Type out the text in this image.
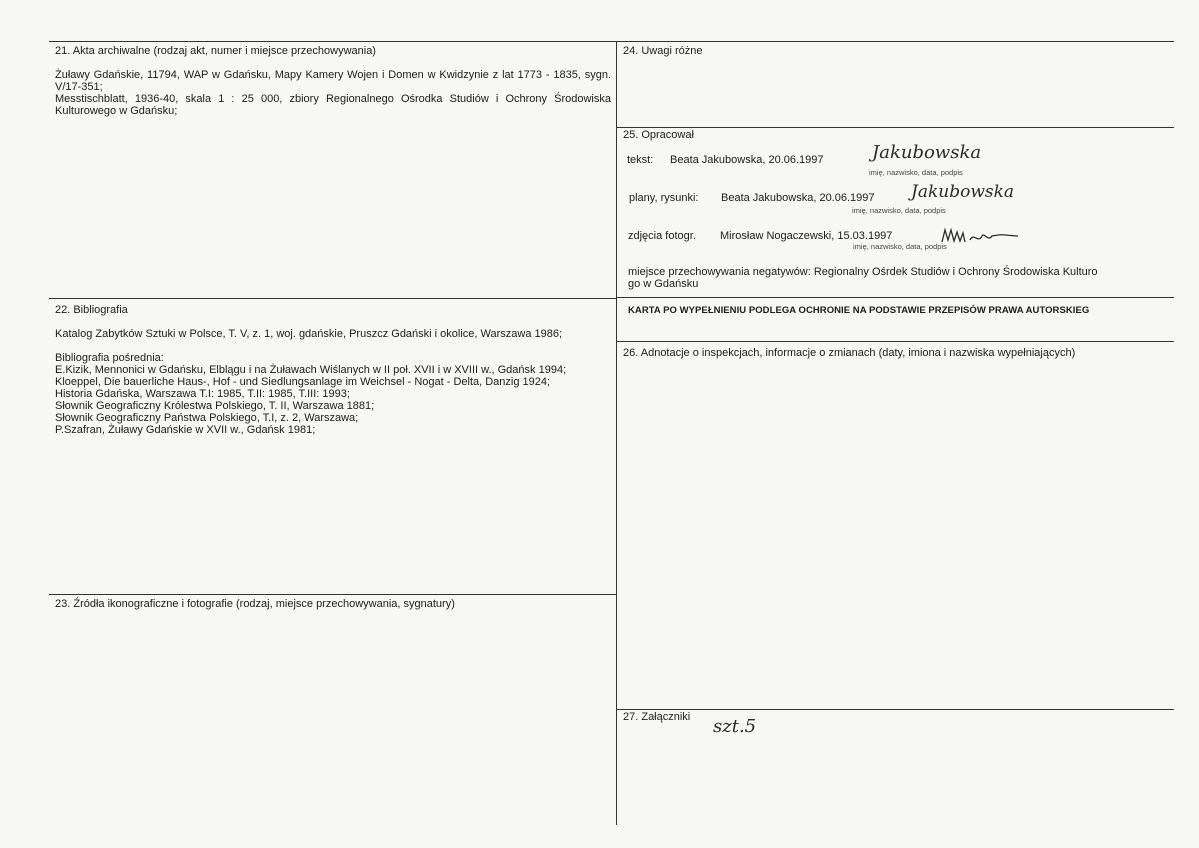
21. Akta archiwalne (rodzaj akt, numer i miejsce przechowywania)

Żuławy Gdańskie, 11794, WAP w Gdańsku, Mapy Kamery Wojen i Domen w Kwidzynie z lat 1773 - 1835, sygn. V/17-351;

Messtischblatt, 1936-40, skala 1 : 25 000, zbiory Regionalnego Ośrodka Studiów i Ochrony Środowiska Kulturowego w Gdańsku;

22. Bibliografia

Katalog Zabytków Sztuki w Polsce, T. V, z. 1, woj. gdańskie, Pruszcz Gdański i okolice, Warszawa 1986;

Bibliografia pośrednia:

E.Kizik, Mennonici w Gdańsku, Elblągu i na Żuławach Wiślanych w II poł. XVII i w XVIII w., Gdańsk 1994;

Kloeppel, Die bauerliche Haus-, Hof - und Siedlungsanlage im Weichsel - Nogat - Delta, Danzig 1924;

Historia Gdańska, Warszawa T.I: 1985, T.II: 1985, T.III: 1993;

Słownik Geograficzny Królestwa Polskiego, T. II, Warszawa 1881;

Słownik Geograficzny Państwa Polskiego, T.I, z. 2, Warszawa;

P.Szafran, Żuławy Gdańskie w XVII w., Gdańsk 1981;

23. Źródła ikonograficzne i fotografie (rodzaj, miejsce przechowywania, sygnatury)
24. Uwagi różne
25. Opracował
tekst: Beata Jakubowska, 20.06.1997	Jakubowska
imię, nazwisko, data, podpis
plany, rysunki: Beata Jakubowska, 20.06.1997 Jakubowska
imię, nazwisko, data, podpis
zdjęcia fotogr. Mirosław Nogaczewski, 15.03.1997
imię, nazwisko, data, podpis
miejsce przechowywania negatywów: Regionalny Ośrdek Studiów i Ochrony Środowiska Kulturo
go w Gdańsku
KARTA PO WYPEŁNIENIU PODLEGA OCHRONIE NA PODSTAWIE PRZEPISÓW PRAWA AUTORSKIEG
26. Adnotacje o inspekcjach, informacje o zmianach (daty, imiona i nazwiska wypełniających)
27. Załączniki szt.5
